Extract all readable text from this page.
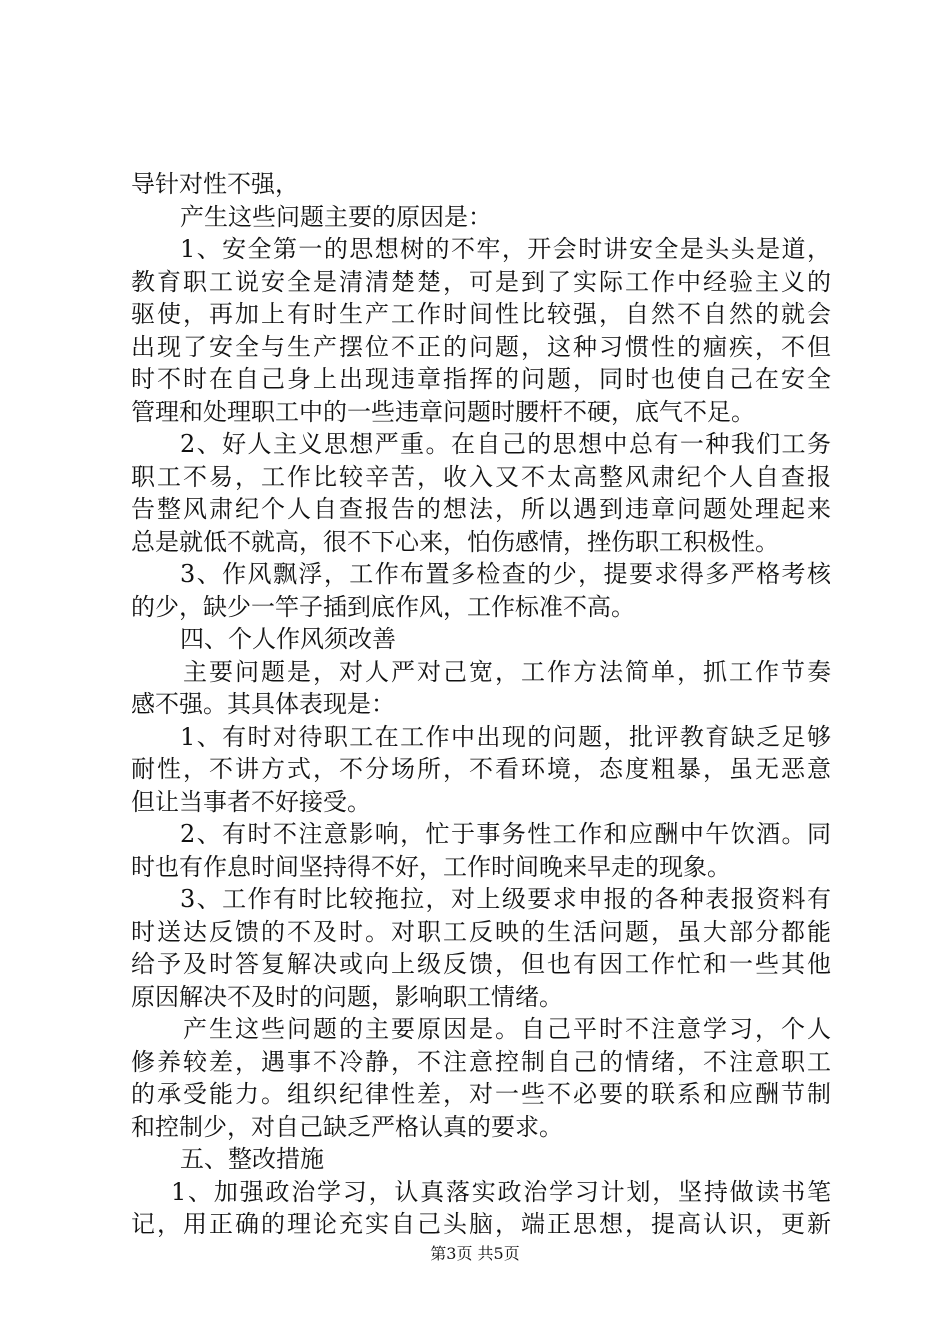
导针对性不强，
产生这些问题主要的原因是：
1、安全第一的思想树的不牢，开会时讲安全是头头是道，
教育职工说安全是清清楚楚，可是到了实际工作中经验主义的
驱使，再加上有时生产工作时间性比较强，自然不自然的就会
出现了安全与生产摆位不正的问题，这种习惯性的痼疾，不但
时不时在自己身上出现违章指挥的问题，同时也使自己在安全
管理和处理职工中的一些违章问题时腰杆不硬，底气不足。
2、好人主义思想严重。在自己的思想中总有一种我们工务
职工不易，工作比较辛苦，收入又不太高整风肃纪个人自查报
告整风肃纪个人自查报告的想法，所以遇到违章问题处理起来
总是就低不就高，很不下心来，怕伤感情，挫伤职工积极性。
3、作风飘浮，工作布置多检查的少，提要求得多严格考核
的少，缺少一竿子插到底作风，工作标准不高。
四、个人作风须改善
主要问题是，对人严对己宽，工作方法简单，抓工作节奏
感不强。其具体表现是：
1、有时对待职工在工作中出现的问题，批评教育缺乏足够
耐性，不讲方式，不分场所，不看环境，态度粗暴，虽无恶意
但让当事者不好接受。
2、有时不注意影响，忙于事务性工作和应酬中午饮酒。同
时也有作息时间坚持得不好，工作时间晚来早走的现象。
3、工作有时比较拖拉，对上级要求申报的各种表报资料有
时送达反馈的不及时。对职工反映的生活问题，虽大部分都能
给予及时答复解决或向上级反馈，但也有因工作忙和一些其他
原因解决不及时的问题，影响职工情绪。
产生这些问题的主要原因是。自己平时不注意学习，个人
修养较差，遇事不冷静，不注意控制自己的情绪，不注意职工
的承受能力。组织纪律性差，对一些不必要的联系和应酬节制
和控制少，对自己缺乏严格认真的要求。
五、整改措施
1、加强政治学习，认真落实政治学习计划，坚持做读书笔
记，用正确的理论充实自己头脑，端正思想，提高认识，更新
第3页 共5页
